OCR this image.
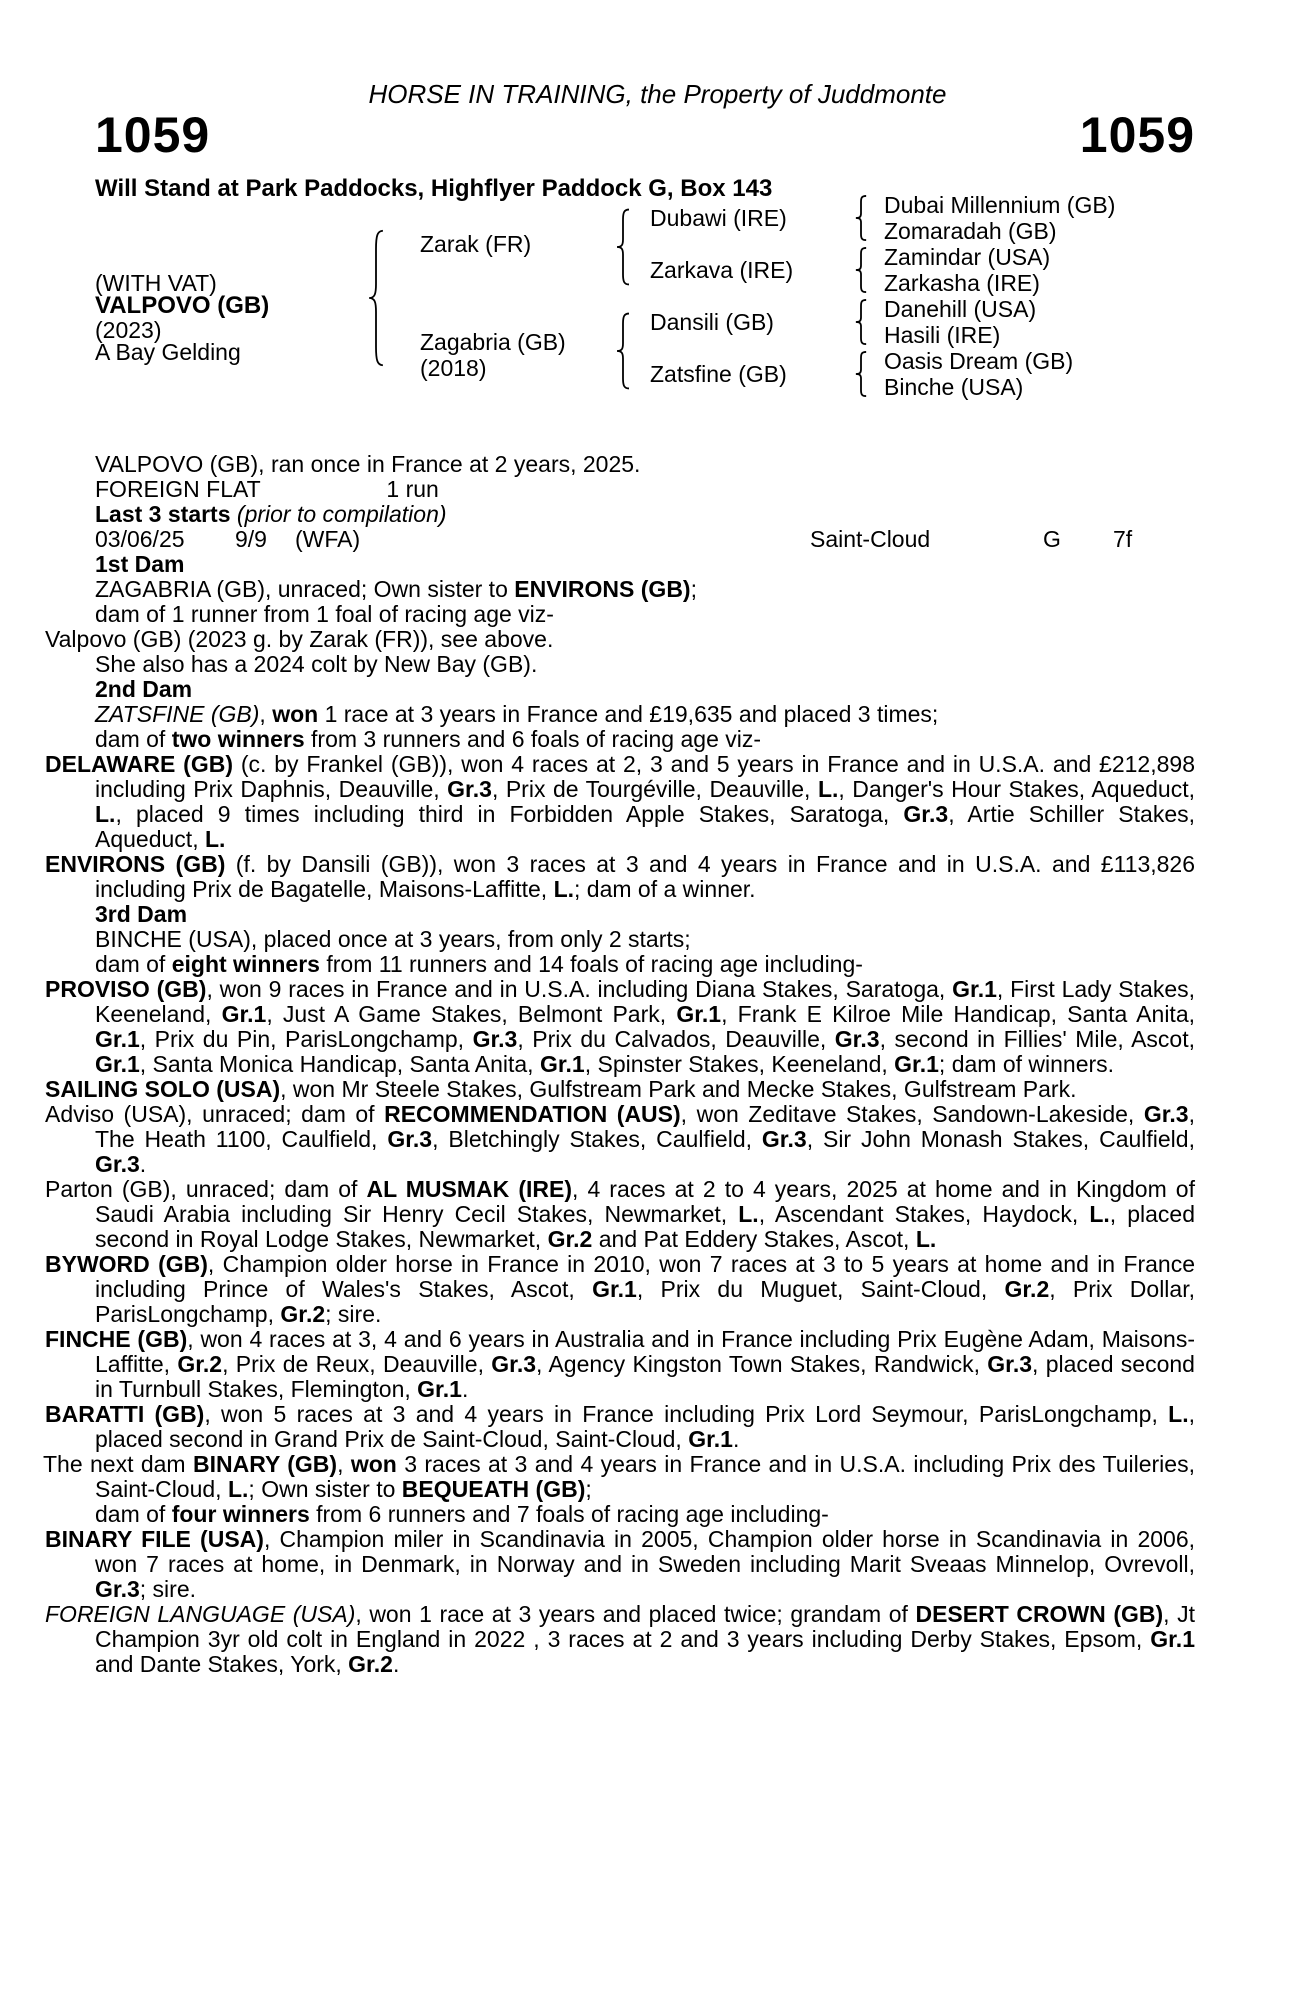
HORSE IN TRAINING, the Property of Juddmonte
1059	1059
Will Stand at Park Paddocks, Highflyer Paddock G, Box 143
(WITH VAT)
VALPOVO (GB)
(2023)
A Bay Gelding
Zarak (FR)
Zagabria (GB)
(2018)
Dubawi (IRE)
Zarkava (IRE)
Dansili (GB)
Zatsfine (GB)
Dubai Millennium (GB)
Zomaradah (GB)
Zamindar (USA)
Zarkasha (IRE)
Danehill (USA)
Hasili (IRE)
Oasis Dream (GB)
Binche (USA)

VALPOVO (GB), ran once in France at 2 years, 2025.

FOREIGN FLAT	1 run

Last 3 starts (prior to compilation)

03/06/25 9/9 (WFA)	Saint-Cloud	G 7f

1st Dam

ZAGABRIA (GB), unraced; Own sister to ENVIRONS (GB);

dam of 1 runner from 1 foal of racing age viz-

Valpovo (GB) (2023 g. by Zarak (FR)), see above.

She also has a 2024 colt by New Bay (GB).

2nd Dam

ZATSFINE (GB), won 1 race at 3 years in France and £19,635 and placed 3 times;

dam of two winners from 3 runners and 6 foals of racing age viz-

DELAWARE (GB) (c. by Frankel (GB)), won 4 races at 2, 3 and 5 years in France and in U.S.A. and £212,898 including Prix Daphnis, Deauville, Gr.3, Prix de Tourgéville, Deauville, L., Danger's Hour Stakes, Aqueduct, L., placed 9 times including third in Forbidden Apple Stakes, Saratoga, Gr.3, Artie Schiller Stakes, Aqueduct, L.

ENVIRONS (GB) (f. by Dansili (GB)), won 3 races at 3 and 4 years in France and in U.S.A. and £113,826 including Prix de Bagatelle, Maisons-Laffitte, L.; dam of a winner.

3rd Dam

BINCHE (USA), placed once at 3 years, from only 2 starts;

dam of eight winners from 11 runners and 14 foals of racing age including-

PROVISO (GB), won 9 races in France and in U.S.A. including Diana Stakes, Saratoga, Gr.1, First Lady Stakes, Keeneland, Gr.1, Just A Game Stakes, Belmont Park, Gr.1, Frank E Kilroe Mile Handicap, Santa Anita, Gr.1, Prix du Pin, ParisLongchamp, Gr.3, Prix du Calvados, Deauville, Gr.3, second in Fillies' Mile, Ascot, Gr.1, Santa Monica Handicap, Santa Anita, Gr.1, Spinster Stakes, Keeneland, Gr.1; dam of winners.

SAILING SOLO (USA), won Mr Steele Stakes, Gulfstream Park and Mecke Stakes, Gulfstream Park.

Adviso (USA), unraced; dam of RECOMMENDATION (AUS), won Zeditave Stakes, Sandown-Lakeside, Gr.3, The Heath 1100, Caulfield, Gr.3, Bletchingly Stakes, Caulfield, Gr.3, Sir John Monash Stakes, Caulfield, Gr.3.

Parton (GB), unraced; dam of AL MUSMAK (IRE), 4 races at 2 to 4 years, 2025 at home and in Kingdom of Saudi Arabia including Sir Henry Cecil Stakes, Newmarket, L., Ascendant Stakes, Haydock, L., placed second in Royal Lodge Stakes, Newmarket, Gr.2 and Pat Eddery Stakes, Ascot, L.

BYWORD (GB), Champion older horse in France in 2010, won 7 races at 3 to 5 years at home and in France including Prince of Wales's Stakes, Ascot, Gr.1, Prix du Muguet, Saint-Cloud, Gr.2, Prix Dollar, ParisLongchamp, Gr.2; sire.

FINCHE (GB), won 4 races at 3, 4 and 6 years in Australia and in France including Prix Eugène Adam, Maisons-Laffitte, Gr.2, Prix de Reux, Deauville, Gr.3, Agency Kingston Town Stakes, Randwick, Gr.3, placed second in Turnbull Stakes, Flemington, Gr.1.

BARATTI (GB), won 5 races at 3 and 4 years in France including Prix Lord Seymour, ParisLongchamp, L., placed second in Grand Prix de Saint-Cloud, Saint-Cloud, Gr.1.

The next dam BINARY (GB), won 3 races at 3 and 4 years in France and in U.S.A. including Prix des Tuileries, Saint-Cloud, L.; Own sister to BEQUEATH (GB);

dam of four winners from 6 runners and 7 foals of racing age including-

BINARY FILE (USA), Champion miler in Scandinavia in 2005, Champion older horse in Scandinavia in 2006, won 7 races at home, in Denmark, in Norway and in Sweden including Marit Sveaas Minnelop, Ovrevoll, Gr.3; sire.

FOREIGN LANGUAGE (USA), won 1 race at 3 years and placed twice; grandam of DESERT CROWN (GB), Jt Champion 3yr old colt in England in 2022 , 3 races at 2 and 3 years including Derby Stakes, Epsom, Gr.1 and Dante Stakes, York, Gr.2.
